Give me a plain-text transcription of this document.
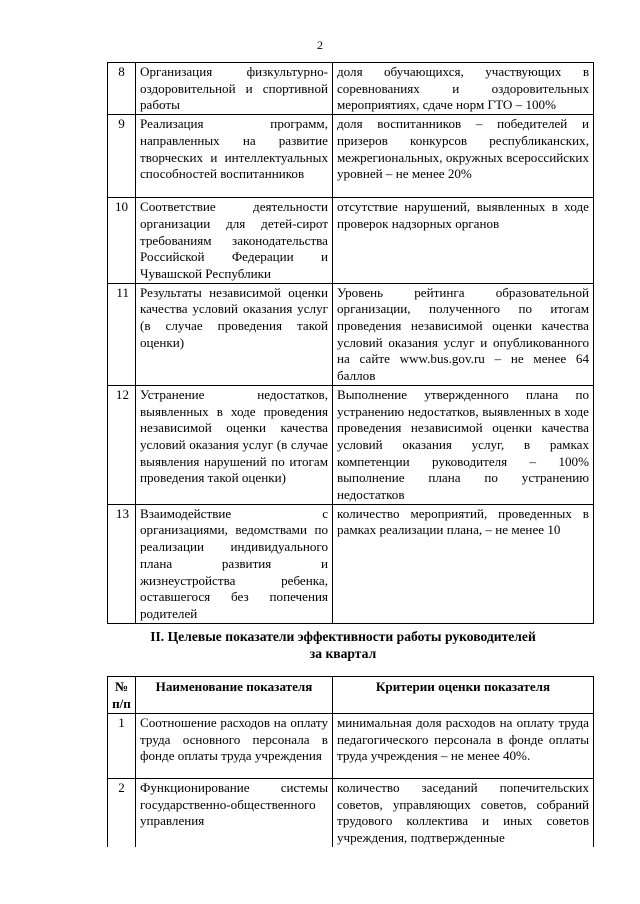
2
8	Организация физкультурно-оздоровительной и спортивной работы	доля обучающихся, участвующих в соревнованиях и оздоровительных мероприятиях, сдаче норм ГТО – 100%
9	Реализация программ, направленных на развитие творческих и интеллектуальных способностей воспитанников	доля воспитанников – победителей и призеров конкурсов республиканских, межрегиональных, окружных всероссийских уровней – не менее 20%
10	Соответствие деятельности организации для детей-сирот требованиям законодательства Российской Федерации и Чувашской Республики	отсутствие нарушений, выявленных в ходе проверок надзорных органов
11	Результаты независимой оценки качества условий оказания услуг (в случае проведения такой оценки)	Уровень рейтинга образовательной организации, полученного по итогам проведения независимой оценки качества условий оказания услуг и опубликованного на сайте www.bus.gov.ru – не менее 64 баллов
12	Устранение недостатков, выявленных в ходе проведения независимой оценки качества условий оказания услуг (в случае выявления нарушений по итогам проведения такой оценки)	Выполнение утвержденного плана по устранению недостатков, выявленных в ходе проведения независимой оценки качества условий оказания услуг, в рамках компетенции руководителя – 100% выполнение плана по устранению недостатков
13	Взаимодействие с организациями, ведомствами по реализации индивидуального плана развития и жизнеустройства ребенка, оставшегося без попечения родителей	количество мероприятий, проведенных в рамках реализации плана, – не менее 10
II. Целевые показатели эффективности работы руководителей
за квартал
№ п/п	Наименование показателя	Критерии оценки показателя
1	Соотношение расходов на оплату труда основного персонала в фонде оплаты труда учреждения	минимальная доля расходов на оплату труда педагогического персонала в фонде оплаты труда учреждения – не менее 40%.
2	Функционирование системы государственно-общественного управления	количество заседаний попечительских советов, управляющих советов, собраний трудового коллектива и иных советов учреждения, подтвержденные
